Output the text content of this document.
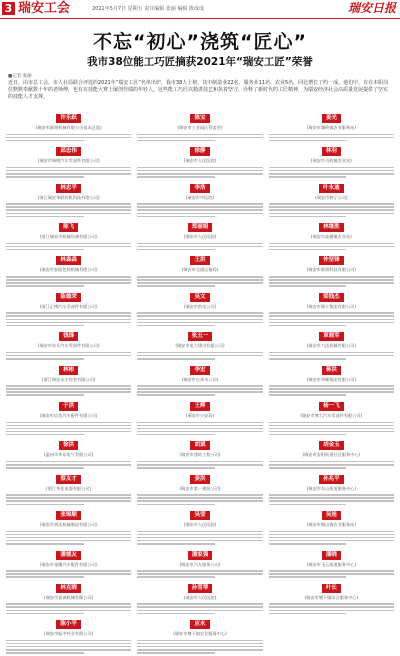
3 瑞安工会	2021年5月7日 星期五 责任编辑 张丽 编辑 陈成成	瑞安日报
不忘“初心”浇筑“匠心”
我市38位能工巧匠摘获2021年“瑞安工匠”荣誉
■记者 张丽
近日，由市总工会、市人社局联合评选的2021年“瑞安工匠”名单出炉，我市38人上榜，其中制造业22名、服务业11名、农业5名，同比增长了约一成。他们中，有在本职岗位默默奉献数十年的老师傅，也有在技能大赛上屡创佳绩的年轻人。这些能工巧匠以精湛技艺和执着坚守，诠释了新时代的工匠精神，为瑞安经济社会高质量发展提供了坚实的技能人才支撑。
许乐跃
(瑞安市联翔机械有限公司技术总监)
邱忠伟
(瑞安市瑞明汽车零部件有限公司)
林忠平
(浙江瑞安华联药机科技有限公司)
陈飞
(浙江瑞安市机械设备有限公司)
林森森
(瑞安市安阳包装机械有限公司)
陈德荣
(浙江正博汽车零部件有限公司)
钱锋
(瑞安市东升汽车零部件有限公司)
林彬
(浙江瑞安永丰包装有限公司)
于洪
(瑞安市信达汽车配件有限公司)
徐洪
(温州市华东电气有限公司)
蔡友才
(浙江华佳电器有限公司)
张锦顺
(瑞安市鸿达机械制造有限公司)
潘德友
(瑞安市金鹰汽车配件有限公司)
林克晓
(瑞安市嘉诚机械有限公司)
陈小平
(瑞安市振中药业有限公司)
陈宝
(瑞安市工业园区管委会)
徐静
(瑞安市人民医院)
李浩
(瑞安市中医院)
郑丽娟
(瑞安市人民医院)
王洪
(瑞安市交通运输局)
吴文
(瑞安市供电公司)
张五一
(瑞安市电力建设有限公司)
李宏
(瑞安市自来水公司)
王辉
(瑞安市公安局)
胡斌
(瑞安市建筑工程公司)
姜洪
(瑞安市第一建筑公司)
吴莹
(瑞安市人民医院)
潘家强
(瑞安市汽车服务公司)
孙雪琴
(瑞安市人民医院)
应永
(瑞安市塘下镇农业服务中心)
姜光
(瑞安市湖岭镇农业服务站)
林羽
(瑞安市马屿镇农业站)
叶永迪
(瑞安市种子公司)
林继胜
(瑞安市高楼镇农业站)
仲坚锋
(瑞安市联翔科技有限公司)
梁钱杰
(瑞安市瑞立集团有限公司)
章晓军
(瑞安市力达机械有限公司)
蒋洪
(瑞安市华峰集团有限公司)
杨一飞
(瑞安市博大汽车零部件有限公司)
胡金玉
(瑞安市安阳街道社区服务中心)
孙兆平
(瑞安市东山街道服务中心)
吴连
(瑞安市陶山镇农业服务站)
潘晓
(瑞安市飞云街道服务中心)
叶长
(瑞安市塘下镇综合服务中心)
